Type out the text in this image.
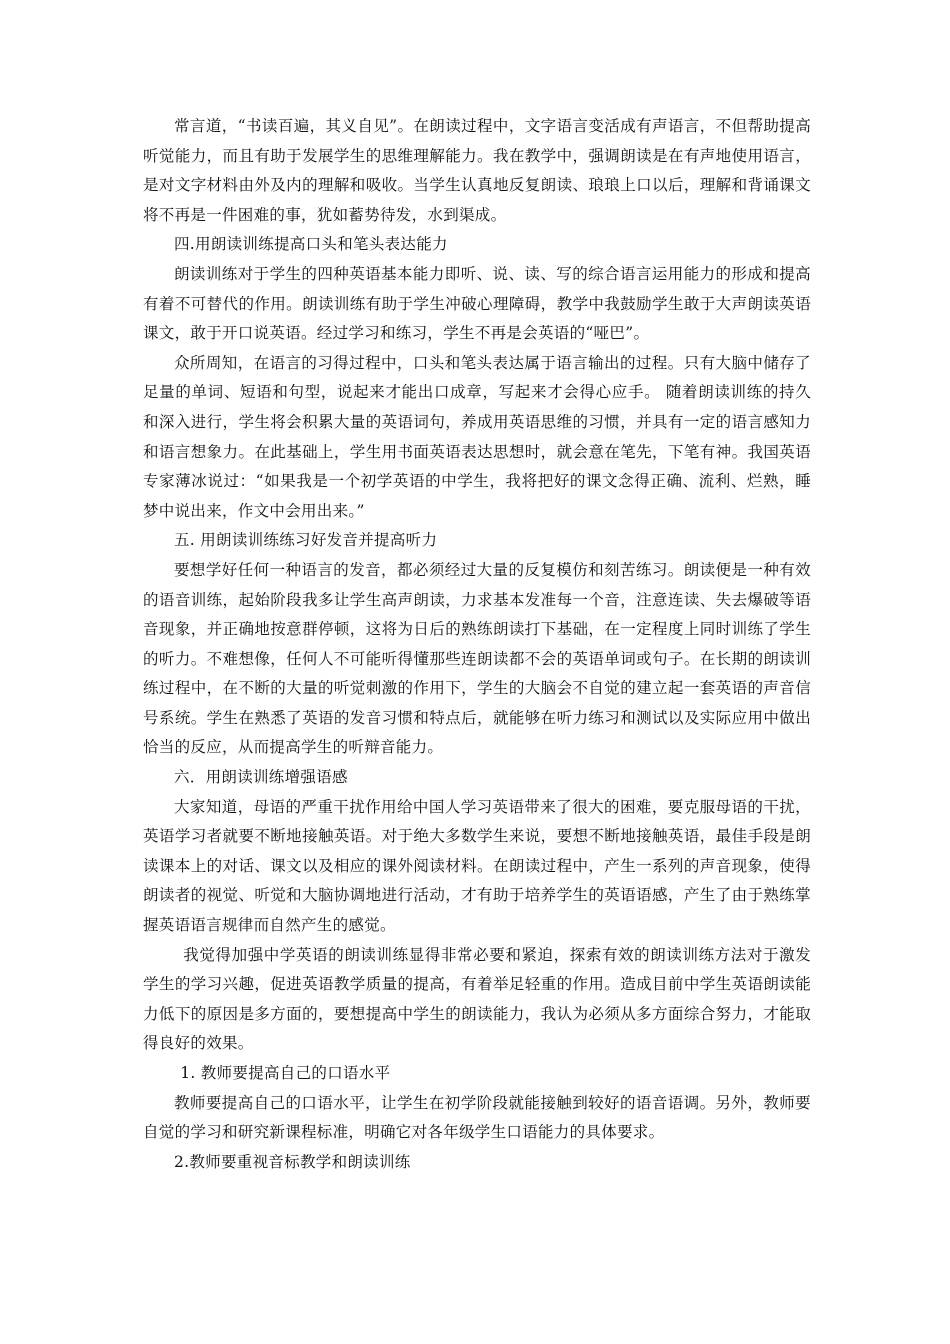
常言道，“书读百遍，其义自见”。在朗读过程中，文字语言变活成有声语言，不但帮助提高听觉能力，而且有助于发展学生的思维理解能力。我在教学中，强调朗读是在有声地使用语言，是对文字材料由外及内的理解和吸收。当学生认真地反复朗读、琅琅上口以后，理解和背诵课文将不再是一件困难的事，犹如蓄势待发，水到渠成。

四.用朗读训练提高口头和笔头表达能力

朗读训练对于学生的四种英语基本能力即听、说、读、写的综合语言运用能力的形成和提高有着不可替代的作用。朗读训练有助于学生冲破心理障碍，教学中我鼓励学生敢于大声朗读英语课文，敢于开口说英语。经过学习和练习，学生不再是会英语的“哑巴”。

众所周知，在语言的习得过程中，口头和笔头表达属于语言输出的过程。只有大脑中储存了足量的单词、短语和句型，说起来才能出口成章，写起来才会得心应手。 随着朗读训练的持久和深入进行，学生将会积累大量的英语词句，养成用英语思维的习惯，并具有一定的语言感知力和语言想象力。在此基础上，学生用书面英语表达思想时，就会意在笔先，下笔有神。我国英语专家薄冰说过：“如果我是一个初学英语的中学生，我将把好的课文念得正确、流利、烂熟，睡梦中说出来，作文中会用出来。”

五. 用朗读训练练习好发音并提高听力

要想学好任何一种语言的发音，都必须经过大量的反复模仿和刻苦练习。朗读便是一种有效的语音训练，起始阶段我多让学生高声朗读，力求基本发准每一个音，注意连读、失去爆破等语音现象，并正确地按意群停顿，这将为日后的熟练朗读打下基础，在一定程度上同时训练了学生的听力。不难想像，任何人不可能听得懂那些连朗读都不会的英语单词或句子。在长期的朗读训练过程中，在不断的大量的听觉刺激的作用下，学生的大脑会不自觉的建立起一套英语的声音信号系统。学生在熟悉了英语的发音习惯和特点后，就能够在听力练习和测试以及实际应用中做出恰当的反应，从而提高学生的听辩音能力。

六．用朗读训练增强语感

大家知道，母语的严重干扰作用给中国人学习英语带来了很大的困难，要克服母语的干扰，英语学习者就要不断地接触英语。对于绝大多数学生来说，要想不断地接触英语，最佳手段是朗读课本上的对话、课文以及相应的课外阅读材料。在朗读过程中，产生一系列的声音现象，使得朗读者的视觉、听觉和大脑协调地进行活动，才有助于培养学生的英语语感，产生了由于熟练掌握英语语言规律而自然产生的感觉。

我觉得加强中学英语的朗读训练显得非常必要和紧迫，探索有效的朗读训练方法对于激发学生的学习兴趣，促进英语教学质量的提高，有着举足轻重的作用。造成目前中学生英语朗读能力低下的原因是多方面的，要想提高中学生的朗读能力，我认为必须从多方面综合努力，才能取得良好的效果。

1. 教师要提高自己的口语水平

教师要提高自己的口语水平，让学生在初学阶段就能接触到较好的语音语调。另外，教师要自觉的学习和研究新课程标准，明确它对各年级学生口语能力的具体要求。

2.教师要重视音标教学和朗读训练
